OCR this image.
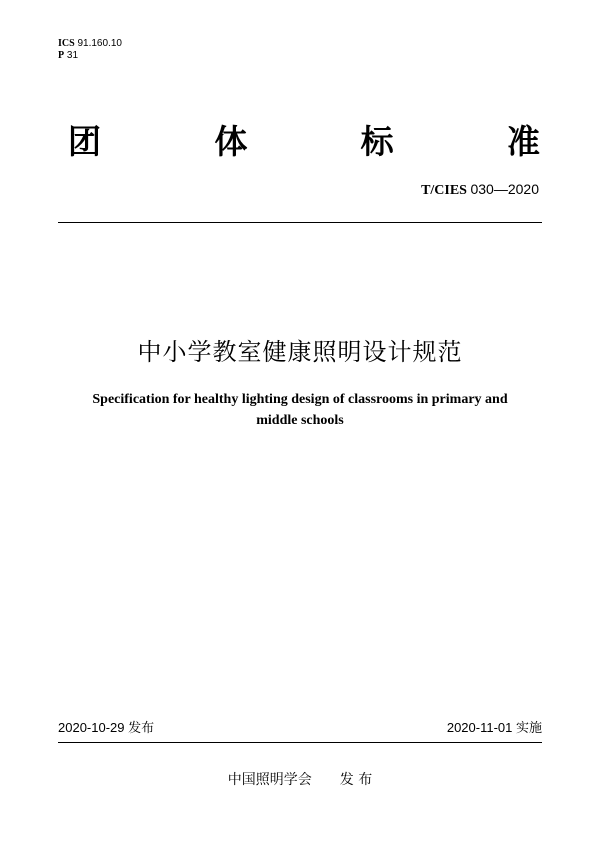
ICS 91.160.10
P 31
团	体	标	准
T/CIES 030—2020
中小学教室健康照明设计规范
Specification for healthy lighting design of classrooms in primary and
middle schools
2020-10-29 发布	2020-11-01 实施
中国照明学会 发 布
